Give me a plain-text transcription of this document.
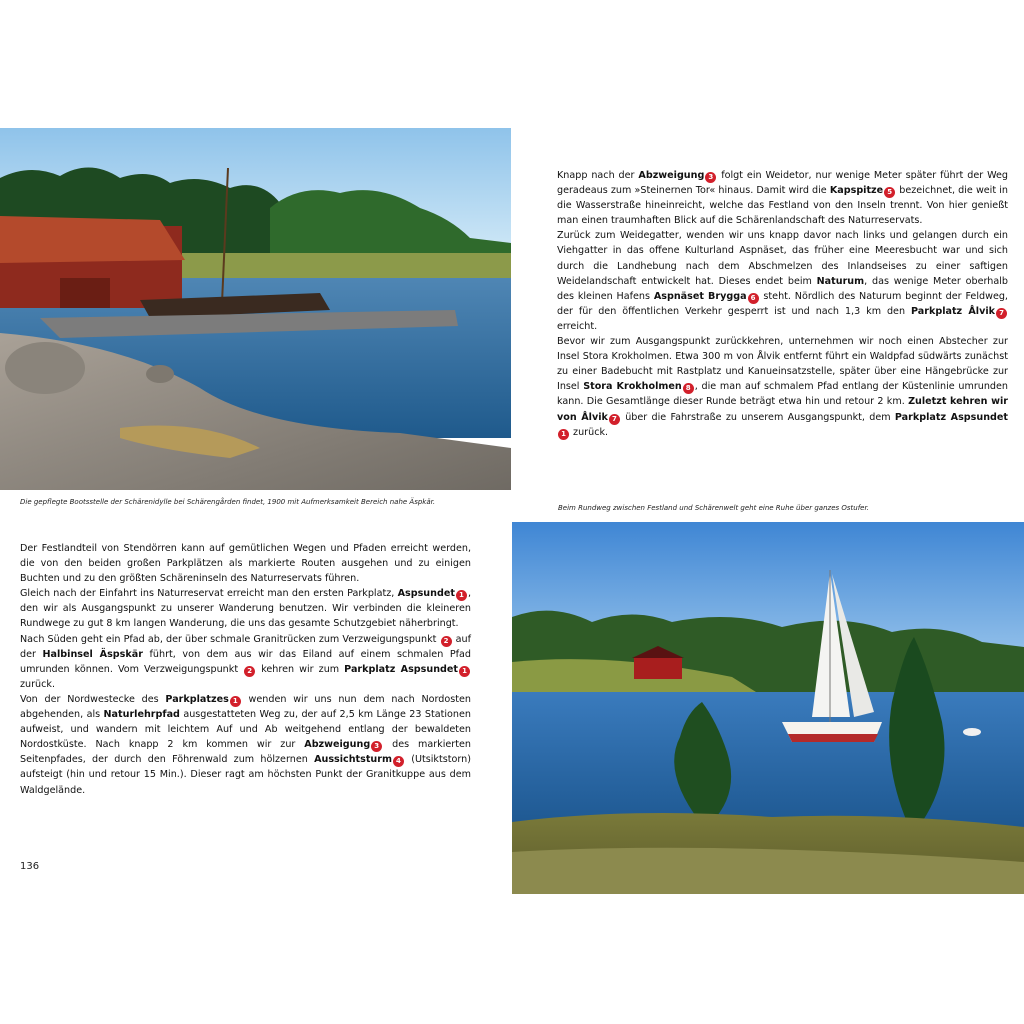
Die gepflegte Bootsstelle der Schärenidylle bei Schärengården findet, 1900 mit Aufmerksamkeit Bereich nahe Äspkär.

Knapp nach der Abzweigung 3 folgt ein Weidetor, nur wenige Meter später führt der Weg geradeaus zum »Steinernen Tor« hinaus. Damit wird die Kapspitze 5 bezeichnet, die weit in die Wasserstraße hineinreicht, welche das Festland von den Inseln trennt. Von hier genießt man einen traumhaften Blick auf die Schärenlandschaft des Naturreservats.

Zurück zum Weidegatter, wenden wir uns knapp davor nach links und gelangen durch ein Viehgatter in das offene Kulturland Aspnäset, das früher eine Meeresbucht war und sich durch die Landhebung nach dem Abschmelzen des Inlandseises zu einer saftigen Weidelandschaft entwickelt hat. Dieses endet beim Naturum, das wenige Meter oberhalb des kleinen Hafens Aspnäset Brygga 6 steht. Nördlich des Naturum beginnt der Feldweg, der für den öffentlichen Verkehr gesperrt ist und nach 1,3 km den Parkplatz Ålvik 7 erreicht.

Bevor wir zum Ausgangspunkt zurückkehren, unternehmen wir noch einen Abstecher zur Insel Stora Krokholmen. Etwa 300 m von Ålvik entfernt führt ein Waldpfad südwärts zunächst zu einer Badebucht mit Rastplatz und Kanueinsatzstelle, später über eine Hängebrücke zur Insel Stora Krokholmen 8 , die man auf schmalem Pfad entlang der Küstenlinie umrunden kann. Die Gesamtlänge dieser Runde beträgt etwa hin und retour 2 km. Zuletzt kehren wir von Ålvik 7 über die Fahrstraße zu unserem Ausgangspunkt, dem Parkplatz Aspsundet1 zurück.

Der Festlandteil von Stendörren kann auf gemütlichen Wegen und Pfaden erreicht werden, die von den beiden großen Parkplätzen als markierte Routen ausgehen und zu einigen Buchten und zu den größten Schäreninseln des Naturreservats führen.

Gleich nach der Einfahrt ins Naturreservat erreicht man den ersten Parkplatz, Aspsundet 1 , den wir als Ausgangspunkt zu unserer Wanderung benutzen. Wir verbinden die kleineren Rundwege zu gut 8 km langen Wanderung, die uns das gesamte Schutzgebiet näherbringt.

Nach Süden geht ein Pfad ab, der über schmale Granitrücken zum Verzweigungspunkt 2 auf der Halbinsel Äspskär führt, von dem aus wir das Eiland auf einem schmalen Pfad umrunden können. Vom Verzweigungspunkt 2 kehren wir zum Parkplatz Aspsundet 1 zurück.

Von der Nordwestecke des Parkplatzes 1 wenden wir uns nun dem nach Nordosten abgehenden, als Naturlehrpfad ausgestatteten Weg zu, der auf 2,5 km Länge 23 Stationen aufweist, und wandern mit leichtem Auf und Ab weitgehend entlang der bewaldeten Nordostküste. Nach knapp 2 km kommen wir zur Abzweigung 3 des markierten Seitenpfades, der durch den Föhrenwald zum hölzernen Aussichtsturm 4 (Utsiktstorn) aufsteigt (hin und retour 15 Min.). Dieser ragt am höchsten Punkt der Granitkuppe aus dem Waldgelände.

136
Beim Rundweg zwischen Festland und Schärenwelt geht eine Ruhe über ganzes Ostufer.
